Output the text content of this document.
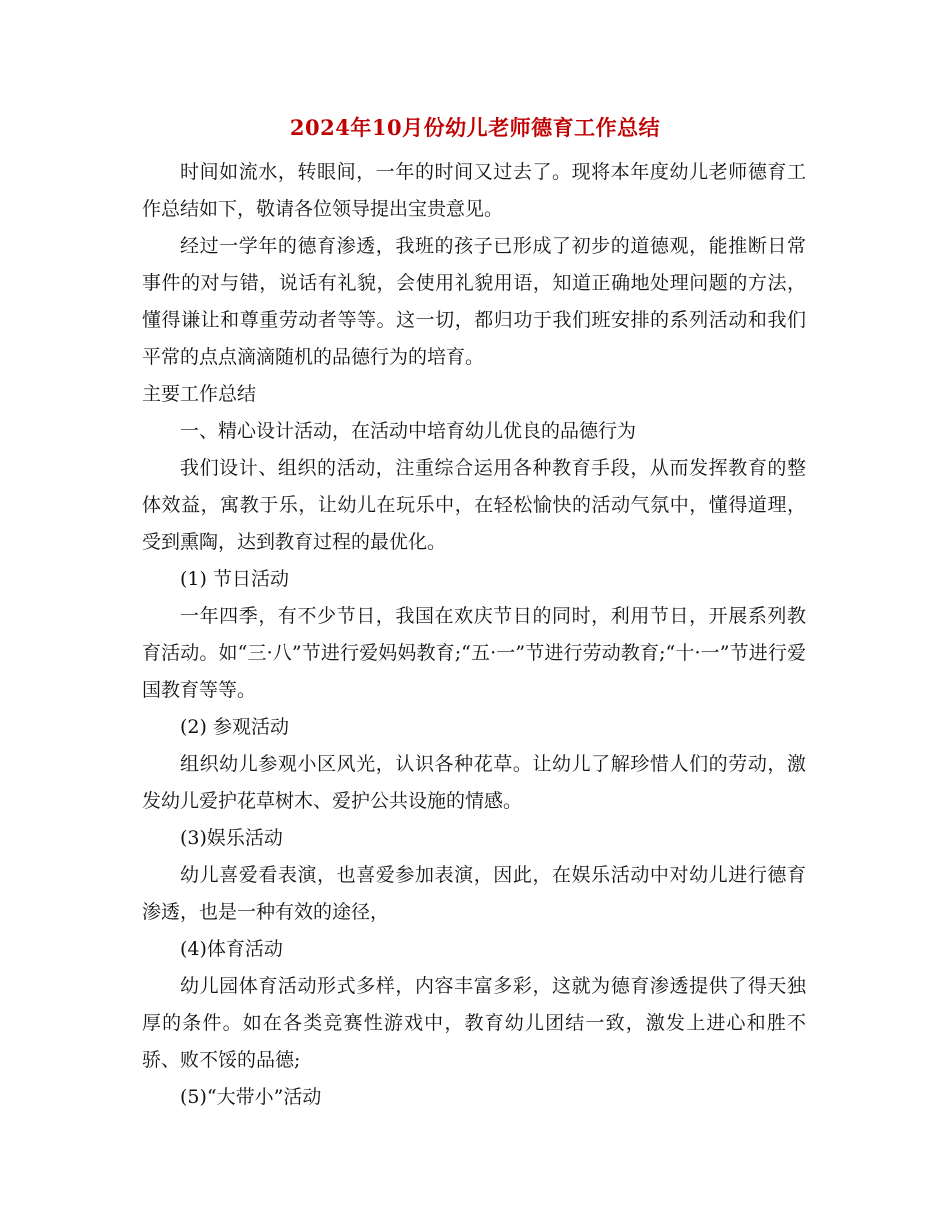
2024年10月份幼儿老师德育工作总结

时间如流水，转眼间，一年的时间又过去了。现将本年度幼儿老师德育工作总结如下，敬请各位领导提出宝贵意见。

经过一学年的德育渗透，我班的孩子已形成了初步的道德观，能推断日常事件的对与错，说话有礼貌，会使用礼貌用语，知道正确地处理问题的方法，懂得谦让和尊重劳动者等等。这一切，都归功于我们班安排的系列活动和我们平常的点点滴滴随机的品德行为的培育。

主要工作总结

一、精心设计活动，在活动中培育幼儿优良的品德行为

我们设计、组织的活动，注重综合运用各种教育手段，从而发挥教育的整体效益，寓教于乐，让幼儿在玩乐中，在轻松愉快的活动气氛中，懂得道理，受到熏陶，达到教育过程的最优化。

(1) 节日活动

一年四季，有不少节日，我国在欢庆节日的同时，利用节日，开展系列教育活动。如“三·八”节进行爱妈妈教育;“五·一”节进行劳动教育;“十·一”节进行爱国教育等等。

(2) 参观活动

组织幼儿参观小区风光，认识各种花草。让幼儿了解珍惜人们的劳动，激发幼儿爱护花草树木、爱护公共设施的情感。

(3)娱乐活动

幼儿喜爱看表演，也喜爱参加表演，因此，在娱乐活动中对幼儿进行德育渗透，也是一种有效的途径，

(4)体育活动

幼儿园体育活动形式多样，内容丰富多彩，这就为德育渗透提供了得天独厚的条件。如在各类竞赛性游戏中，教育幼儿团结一致，激发上进心和胜不骄、败不馁的品德;

(5)“大带小”活动
